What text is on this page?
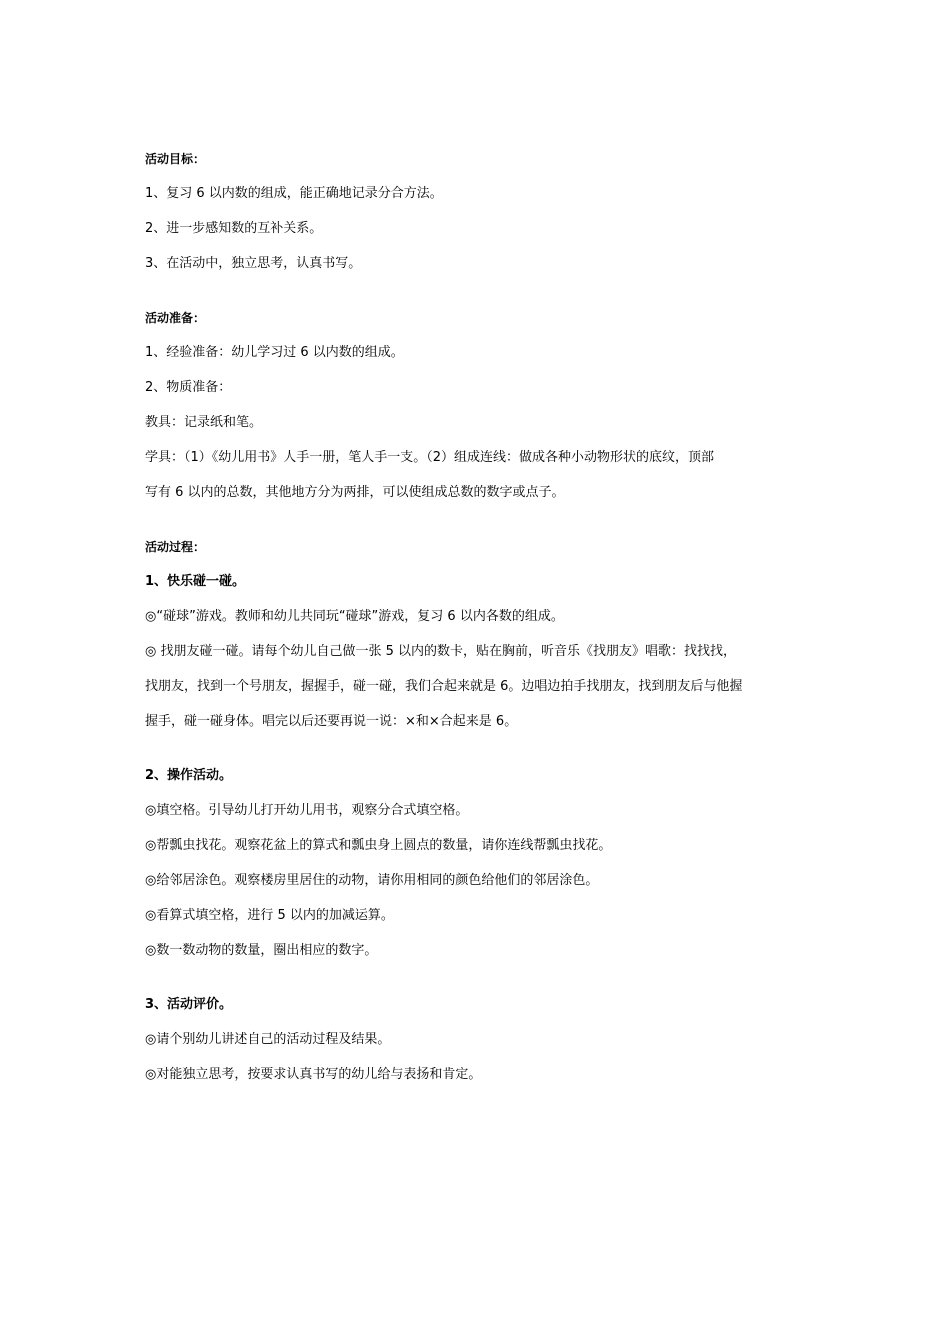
活动目标：
1、复习 6 以内数的组成，能正确地记录分合方法。
2、进一步感知数的互补关系。
3、在活动中，独立思考，认真书写。
活动准备：
1、经验准备：幼儿学习过 6 以内数的组成。
2、物质准备：
教具：记录纸和笔。
学具：（1）《幼儿用书》人手一册，笔人手一支。（2）组成连线：做成各种小动物形状的底纹，顶部
写有 6 以内的总数，其他地方分为两排，可以使组成总数的数字或点子。
活动过程：
1、快乐碰一碰。
◎“碰球”游戏。教师和幼儿共同玩“碰球”游戏，复习 6 以内各数的组成。
◎ 找朋友碰一碰。请每个幼儿自己做一张 5 以内的数卡，贴在胸前，听音乐《找朋友》唱歌：找找找，
找朋友，找到一个号朋友，握握手，碰一碰，我们合起来就是 6。边唱边拍手找朋友，找到朋友后与他握
握手，碰一碰身体。唱完以后还要再说一说：×和×合起来是 6。
2、操作活动。
◎填空格。引导幼儿打开幼儿用书，观察分合式填空格。
◎帮瓢虫找花。观察花盆上的算式和瓢虫身上圆点的数量，请你连线帮瓢虫找花。
◎给邻居涂色。观察楼房里居住的动物，请你用相同的颜色给他们的邻居涂色。
◎看算式填空格，进行 5 以内的加减运算。
◎数一数动物的数量，圈出相应的数字。
3、活动评价。
◎请个别幼儿讲述自己的活动过程及结果。
◎对能独立思考，按要求认真书写的幼儿给与表扬和肯定。
